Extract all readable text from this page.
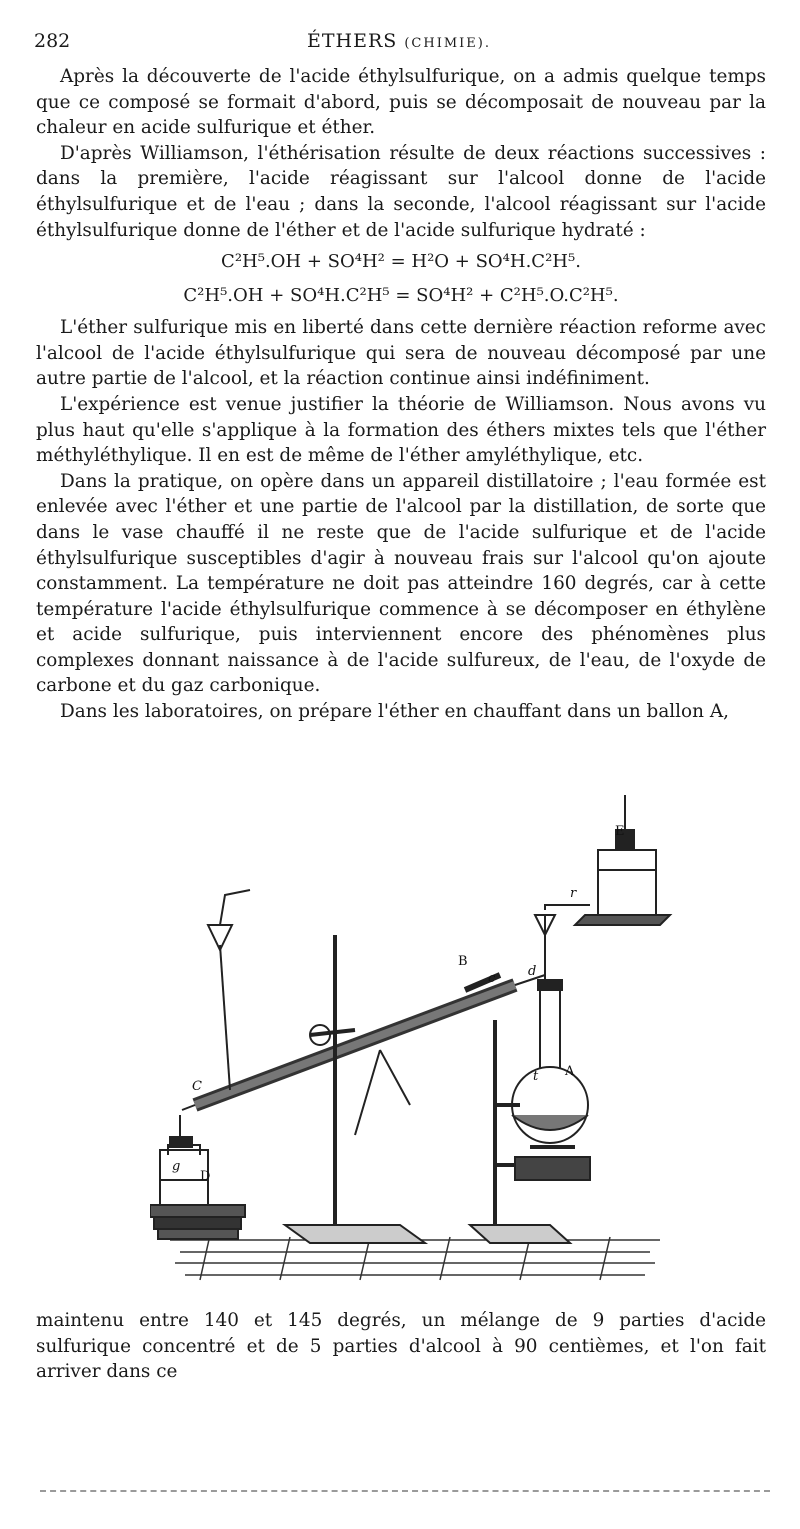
282	ÉTHERS (CHIMIE).

Après la découverte de l'acide éthylsulfurique, on a admis quelque temps que ce composé se formait d'abord, puis se décomposait de nouveau par la chaleur en acide sulfurique et éther.

D'après Williamson, l'éthérisation résulte de deux réactions successives : dans la première, l'acide réagissant sur l'alcool donne de l'acide éthylsulfurique et de l'eau ; dans la seconde, l'alcool réagissant sur l'acide éthylsulfurique donne de l'éther et de l'acide sulfurique hydraté :

C²H⁵.OH + SO⁴H² = H²O + SO⁴H.C²H⁵.
C²H⁵.OH + SO⁴H.C²H⁵ = SO⁴H² + C²H⁵.O.C²H⁵.

L'éther sulfurique mis en liberté dans cette dernière réaction reforme avec l'alcool de l'acide éthylsulfurique qui sera de nouveau décomposé par une autre partie de l'alcool, et la réaction continue ainsi indéfiniment.

L'expérience est venue justifier la théorie de Williamson. Nous avons vu plus haut qu'elle s'applique à la formation des éthers mixtes tels que l'éther méthyléthylique. Il en est de même de l'éther amyléthylique, etc.

Dans la pratique, on opère dans un appareil distillatoire ; l'eau formée est enlevée avec l'éther et une partie de l'alcool par la distillation, de sorte que dans le vase chauffé il ne reste que de l'acide sulfurique et de l'acide éthylsulfurique susceptibles d'agir à nouveau frais sur l'alcool qu'on ajoute constamment. La température ne doit pas atteindre 160 degrés, car à cette température l'acide éthylsulfurique commence à se décomposer en éthylène et acide sulfurique, puis interviennent encore des phénomènes plus complexes donnant naissance à de l'acide sulfureux, de l'eau, de l'oxyde de carbone et du gaz carbonique.

Dans les laboratoires, on prépare l'éther en chauffant dans un ballon A,

E
B
A
C
D
c	d
r
t
g

maintenu entre 140 et 145 degrés, un mélange de 9 parties d'acide sulfurique concentré et de 5 parties d'alcool à 90 centièmes, et l'on fait arriver dans ce
